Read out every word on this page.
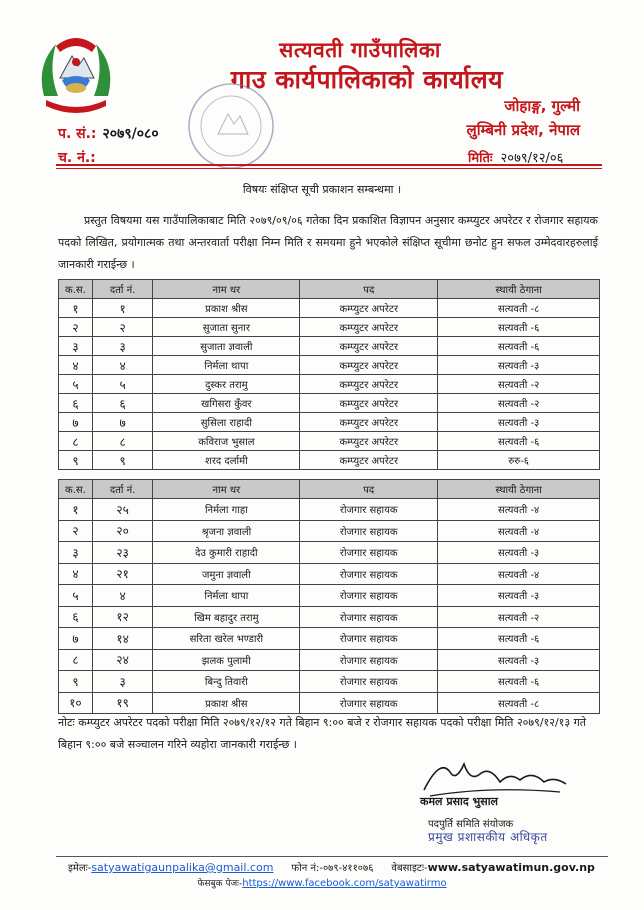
सत्यवती गाउँपालिका
गाउ कार्यपालिकाको कार्यालय
जोहाङ्ग, गुल्मी
लुम्बिनी प्रदेश, नेपाल
प. सं.: २०७९/०८०
च. नं.:	मितिः २०७९/१२/०६
विषयः संक्षिप्त सूची प्रकाशन सम्बन्धमा ।
प्रस्तुत विषयमा यस गाउँपालिकाबाट मिति २०७९/०९/०६ गतेका दिन प्रकाशित विज्ञापन अनुसार कम्प्युटर अपरेटर र रोजगार सहायक पदको लिखित, प्रयोगात्मक तथा अन्तरवार्ता परीक्षा निम्न मिति र समयमा हुने भएकोले संक्षिप्त सूचीमा छनोट हुन सफल उम्मेदवारहरुलाई जानकारी गराईन्छ ।
क.स.	दर्ता नं.	नाम थर	पद	स्थायी ठेगाना
१	१	प्रकाश श्रीस	कम्प्युटर अपरेटर	सत्यवती -८
२	२	सुजाता सुनार	कम्प्युटर अपरेटर	सत्यवती -६
३	३	सुजाता ज्ञवाली	कम्प्युटर अपरेटर	सत्यवती -६
४	४	निर्मला थापा	कम्प्युटर अपरेटर	सत्यवती -३
५	५	दुस्कर तरामु	कम्प्युटर अपरेटर	सत्यवती -२
६	६	खगिसरा कुँवर	कम्प्युटर अपरेटर	सत्यवती -२
७	७	सुसिला राहादी	कम्प्युटर अपरेटर	सत्यवती -३
८	८	कविराज भुसाल	कम्प्युटर अपरेटर	सत्यवती -६
९	९	शरद दर्लामी	कम्प्युटर अपरेटर	रुरु-६
क.स.	दर्ता नं.	नाम थर	पद	स्थायी ठेगाना
१	२५	निर्मला गाहा	रोजगार सहायक	सत्यवती -४
२	२०	श्रृजना ज्ञवाली	रोजगार सहायक	सत्यवती -४
३	२३	देउ कुमारी राहादी	रोजगार सहायक	सत्यवती -३
४	२१	जमुना ज्ञवाली	रोजगार सहायक	सत्यवती -४
५	४	निर्मला थापा	रोजगार सहायक	सत्यवती -३
६	१२	खिम बहादुर तरामु	रोजगार सहायक	सत्यवती -२
७	१४	सरिता खरेल भण्डारी	रोजगार सहायक	सत्यवती -६
८	२४	झलक पुलामी	रोजगार सहायक	सत्यवती -३
९	३	बिन्दु तिवारी	रोजगार सहायक	सत्यवती -६
१०	१९	प्रकाश श्रीस	रोजगार सहायक	सत्यवती -८
नोटः कम्प्युटर अपरेटर पदको परीक्षा मिति २०७९/१२/१२ गते बिहान ९:०० बजे र रोजगार सहायक पदको परीक्षा मिति २०७९/१२/१३ गते बिहान ९:०० बजे सञ्चालन गरिने व्यहोरा जानकारी गराईन्छ ।
कमल प्रसाद भुसाल
पदपुर्ति समिति संयोजक
प्रमुख प्रशासकीय अधिकृत
इमेलः-satyawatigaunpalika@gmail.com फोन नं:-०७९-४११०७६ वेबसाइटः-www.satyawatimun.gov.np
फेसबुक पेजः-https://www.facebook.com/satyawatirmo
